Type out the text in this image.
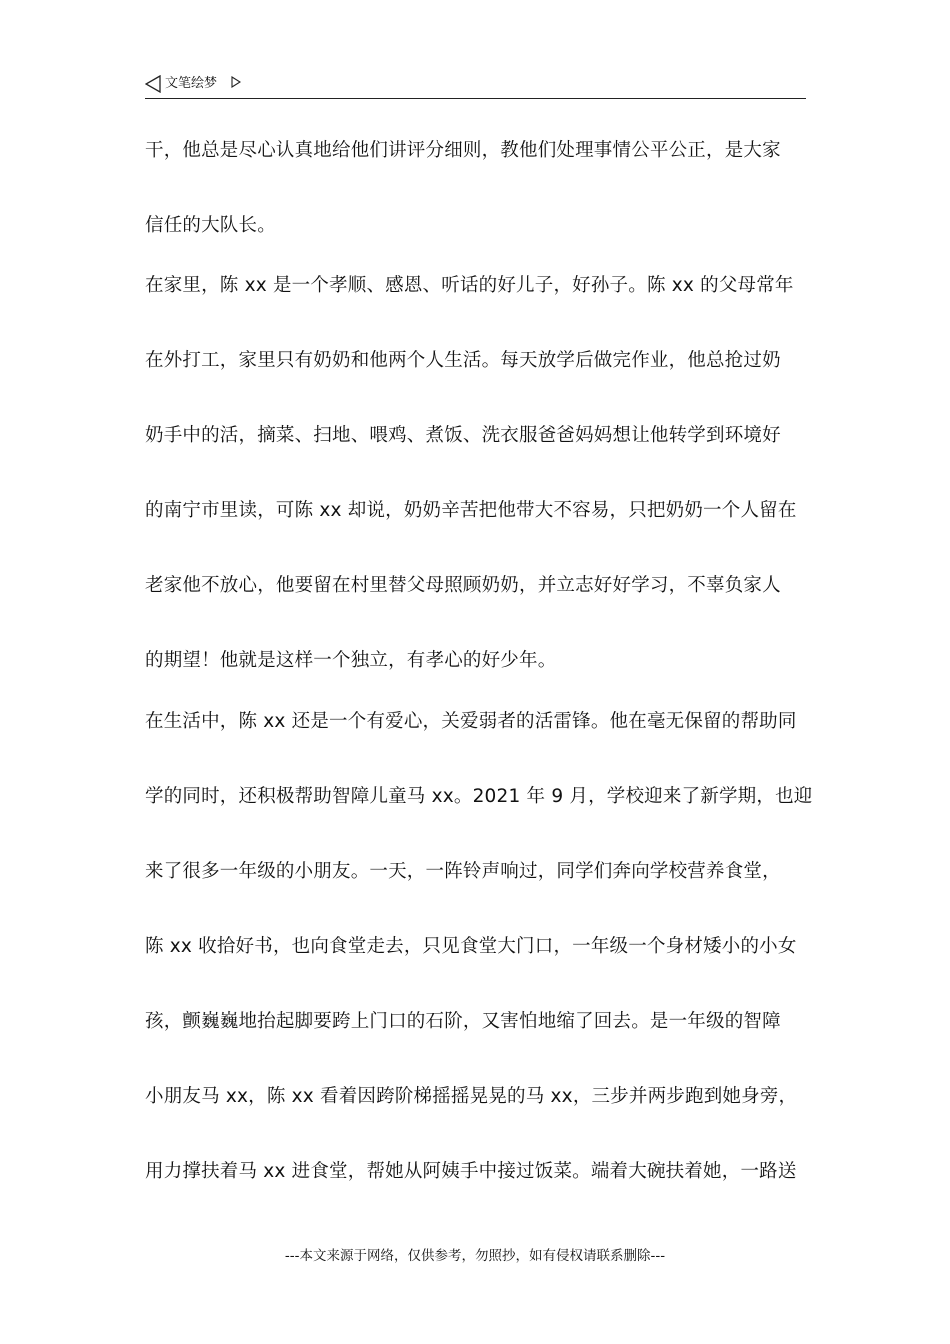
文笔绘梦
干，他总是尽心认真地给他们讲评分细则，教他们处理事情公平公正，是大家
信任的大队长。
在家里，陈 xx 是一个孝顺、感恩、听话的好儿子，好孙子。陈 xx 的父母常年
在外打工，家里只有奶奶和他两个人生活。每天放学后做完作业，他总抢过奶
奶手中的活，摘菜、扫地、喂鸡、煮饭、洗衣服爸爸妈妈想让他转学到环境好
的南宁市里读，可陈 xx 却说，奶奶辛苦把他带大不容易，只把奶奶一个人留在
老家他不放心，他要留在村里替父母照顾奶奶，并立志好好学习，不辜负家人
的期望！他就是这样一个独立，有孝心的好少年。
在生活中，陈 xx 还是一个有爱心，关爱弱者的活雷锋。他在毫无保留的帮助同
学的同时，还积极帮助智障儿童马 xx。2021 年 9 月，学校迎来了新学期，也迎
来了很多一年级的小朋友。一天，一阵铃声响过，同学们奔向学校营养食堂，
陈 xx 收拾好书，也向食堂走去，只见食堂大门口，一年级一个身材矮小的小女
孩，颤巍巍地抬起脚要跨上门口的石阶，又害怕地缩了回去。是一年级的智障
小朋友马 xx，陈 xx 看着因跨阶梯摇摇晃晃的马 xx，三步并两步跑到她身旁，
用力撑扶着马 xx 进食堂，帮她从阿姨手中接过饭菜。端着大碗扶着她，一路送
---本文来源于网络，仅供参考，勿照抄，如有侵权请联系删除---
